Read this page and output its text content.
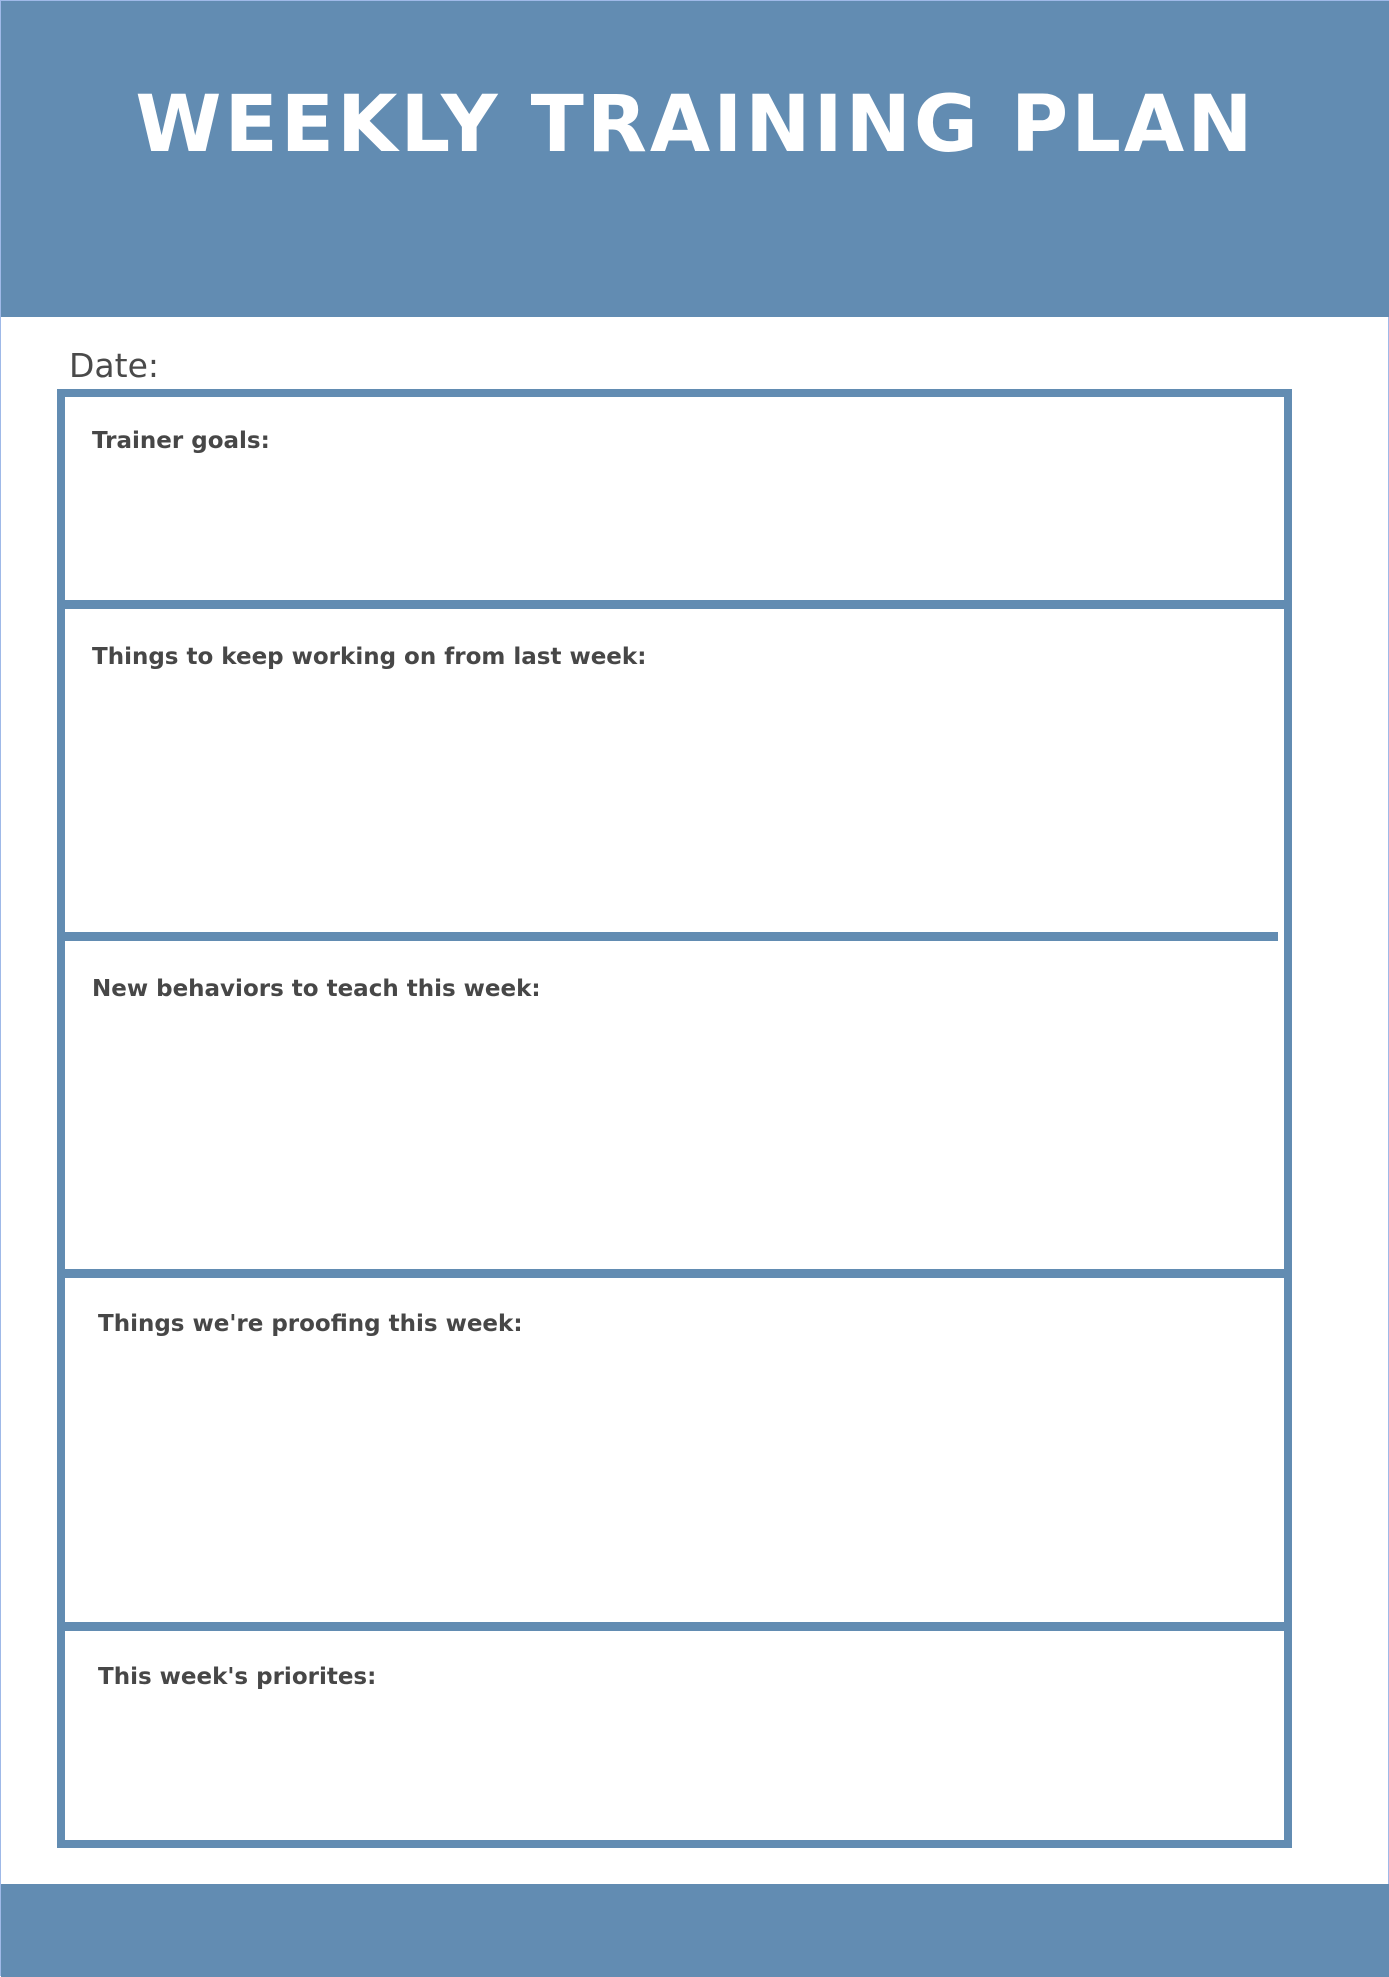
WEEKLY TRAINING PLAN
Date:
Trainer goals:
Things to keep working on from last week:
New behaviors to teach this week:
Things we're proofing this week:
This week's priorites:
